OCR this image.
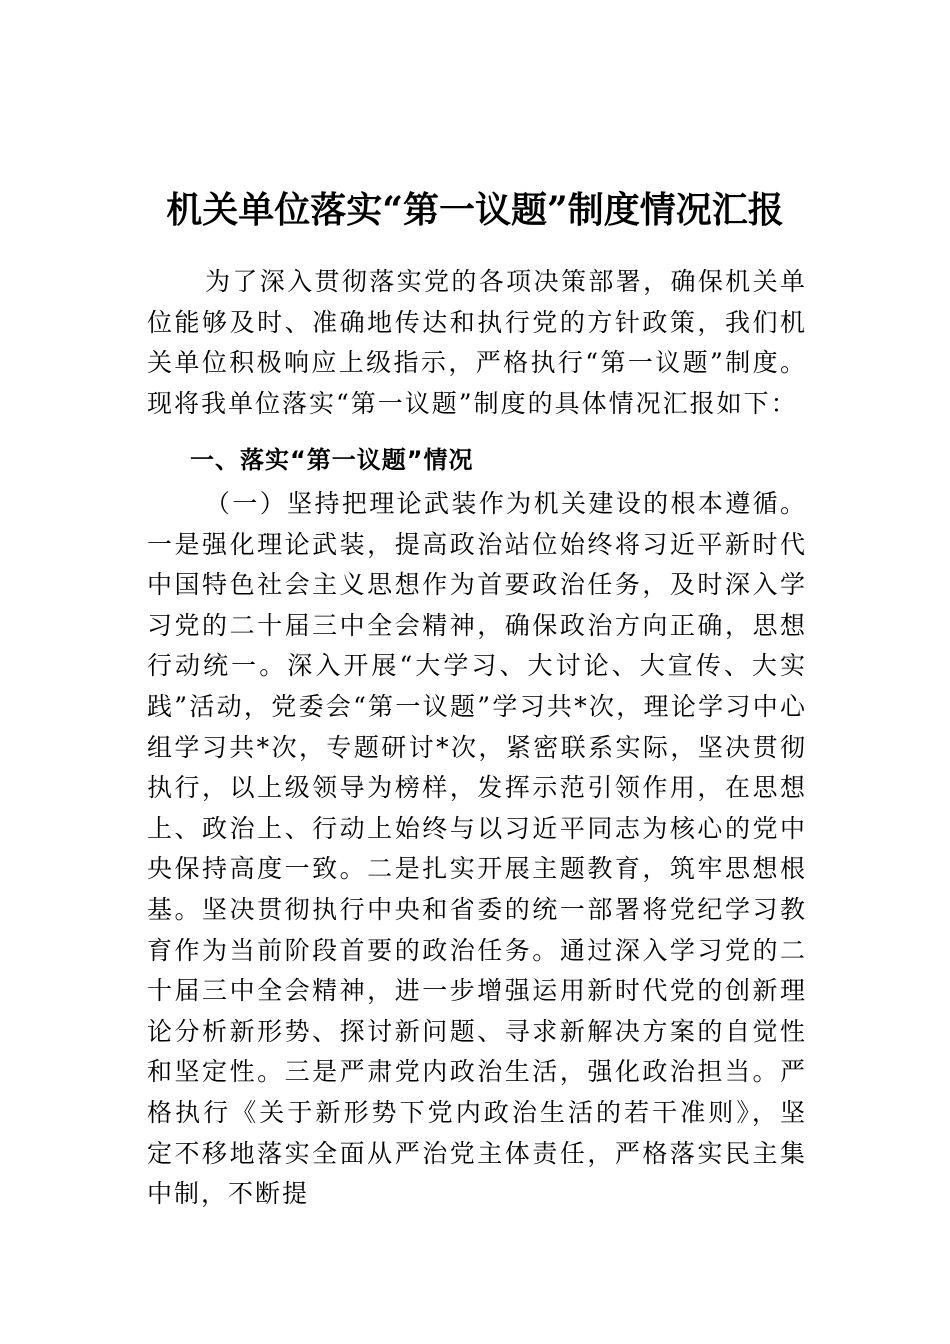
机关单位落实“第一议题”制度情况汇报

为了深入贯彻落实党的各项决策部署，确保机关单位能够及时、准确地传达和执行党的方针政策，我们机关单位积极响应上级指示，严格执行“第一议题”制度。现将我单位落实“第一议题”制度的具体情况汇报如下：

一、落实“第一议题”情况

（一）坚持把理论武装作为机关建设的根本遵循。一是强化理论武装，提高政治站位始终将习近平新时代中国特色社会主义思想作为首要政治任务，及时深入学习党的二十届三中全会精神，确保政治方向正确，思想行动统一。深入开展“大学习、大讨论、大宣传、大实践”活动，党委会“第一议题”学习共*次，理论学习中心组学习共*次，专题研讨*次，紧密联系实际，坚决贯彻执行，以上级领导为榜样，发挥示范引领作用，在思想上、政治上、行动上始终与以习近平同志为核心的党中央保持高度一致。二是扎实开展主题教育，筑牢思想根基。坚决贯彻执行中央和省委的统一部署将党纪学习教育作为当前阶段首要的政治任务。通过深入学习党的二十届三中全会精神，进一步增强运用新时代党的创新理论分析新形势、探讨新问题、寻求新解决方案的自觉性和坚定性。三是严肃党内政治生活，强化政治担当。严格执行《关于新形势下党内政治生活的若干准则》，坚定不移地落实全面从严治党主体责任，严格落实民主集中制，不断提
